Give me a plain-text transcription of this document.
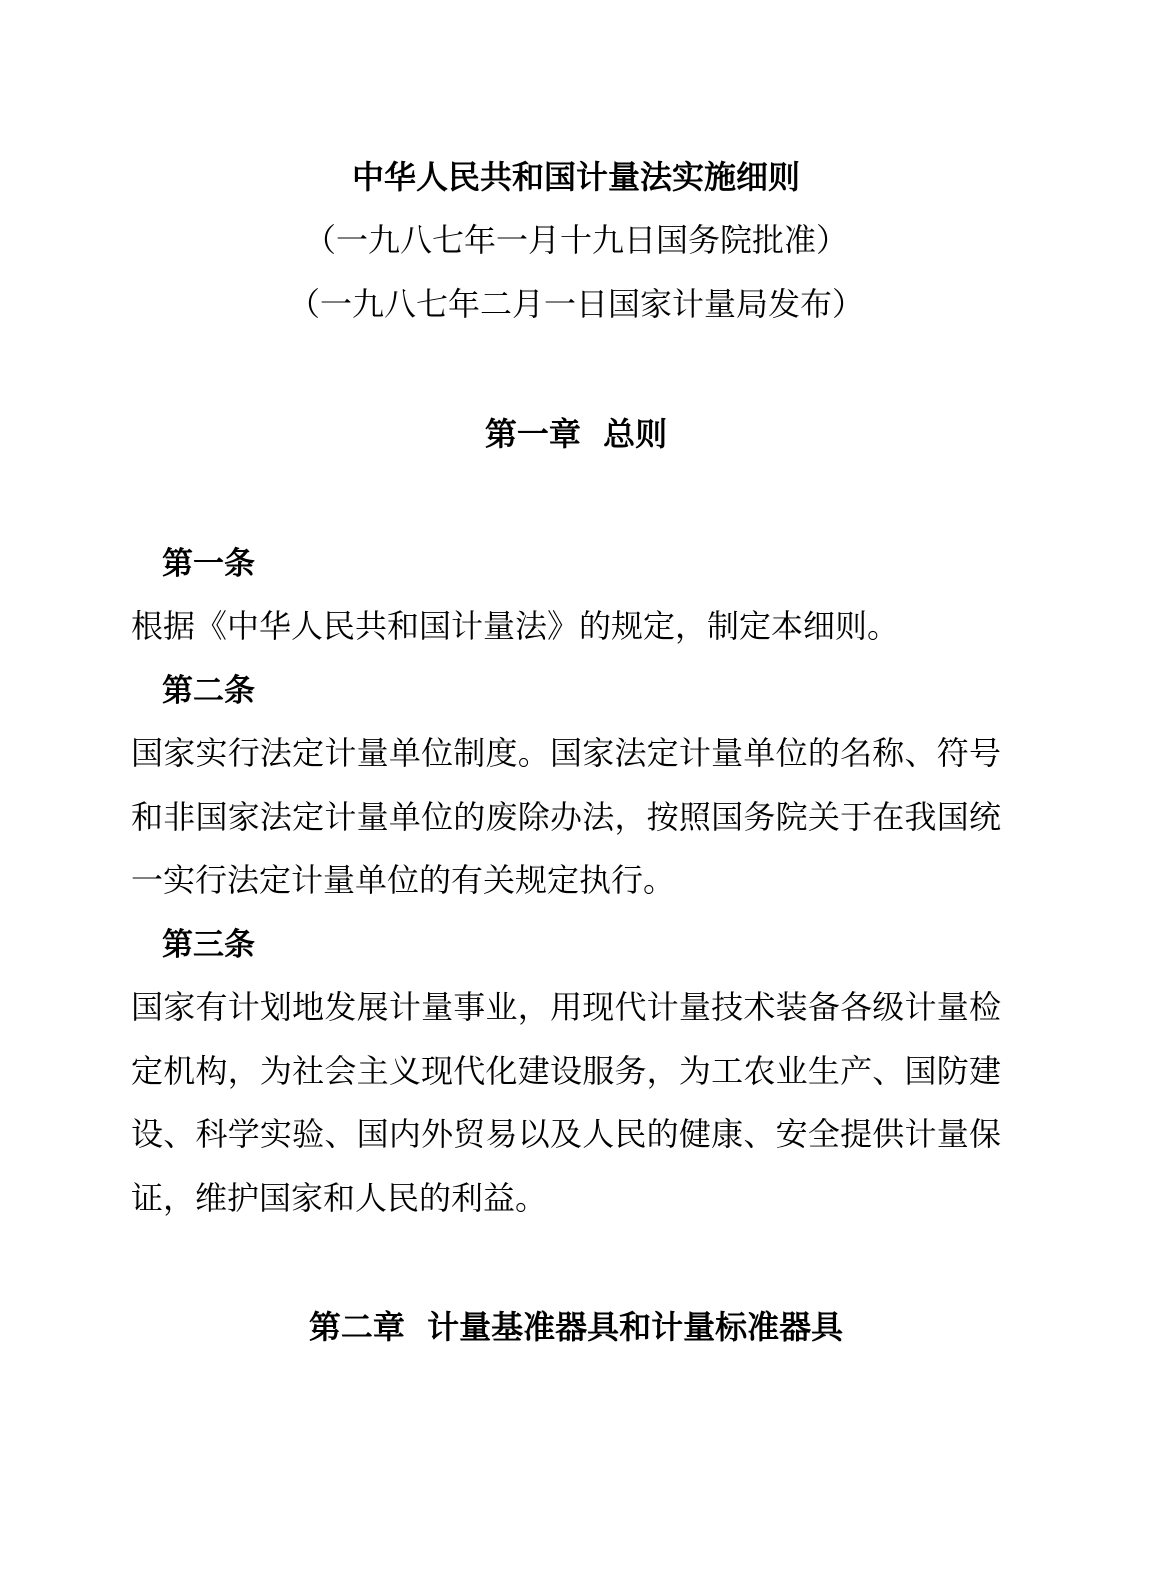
中华人民共和国计量法实施细则
（一九八七年一月十九日国务院批准）
（一九八七年二月一日国家计量局发布）
第一章  总则
第一条
根据《中华人民共和国计量法》的规定，制定本细则。
第二条
国家实行法定计量单位制度。国家法定计量单位的名称、符号和非国家法定计量单位的废除办法，按照国务院关于在我国统一实行法定计量单位的有关规定执行。
第三条
国家有计划地发展计量事业，用现代计量技术装备各级计量检定机构，为社会主义现代化建设服务，为工农业生产、国防建设、科学实验、国内外贸易以及人民的健康、安全提供计量保证，维护国家和人民的利益。
第二章  计量基准器具和计量标准器具
